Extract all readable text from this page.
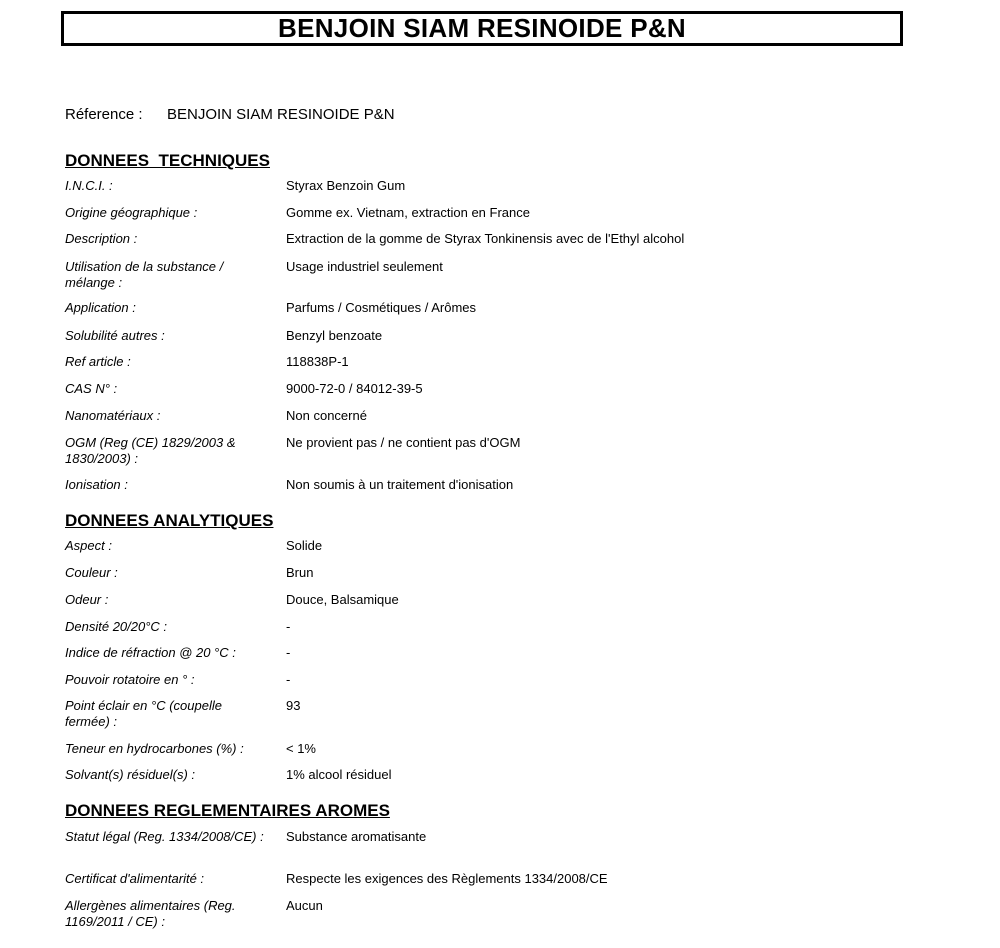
BENJOIN SIAM RESINOIDE P&N
Réference : BENJOIN SIAM RESINOIDE P&N
DONNEES  TECHNIQUES
I.N.C.I. :	Styrax Benzoin Gum
Origine géographique :	Gomme ex. Vietnam, extraction en France
Description :	Extraction de la gomme de Styrax Tonkinensis avec de l'Ethyl alcohol
Utilisation de la substance / mélange :
Usage industriel seulement
Application :	Parfums / Cosmétiques / Arômes
Solubilité autres :	Benzyl benzoate
Ref article :	118838P-1
CAS N° :	9000-72-0 / 84012-39-5
Nanomatériaux :	Non concerné
OGM (Reg (CE) 1829/2003 & 1830/2003) :
Ne provient pas / ne contient pas d'OGM
Ionisation :	Non soumis à un traitement d'ionisation
DONNEES ANALYTIQUES
Aspect :	Solide
Couleur :	Brun
Odeur :	Douce, Balsamique
Densité 20/20°C :	-
Indice de réfraction @ 20 °C :	-
Pouvoir rotatoire en ° :	-
Point éclair en °C (coupelle fermée) :
93
Teneur en hydrocarbones (%) :	< 1%
Solvant(s) résiduel(s) :	1% alcool résiduel
DONNEES REGLEMENTAIRES AROMES
Statut légal (Reg. 1334/2008/CE) :	Substance aromatisante
Certificat d'alimentarité :	Respecte les exigences des Règlements 1334/2008/CE
Allergènes alimentaires (Reg. 1169/2011 / CE) :
Aucun
